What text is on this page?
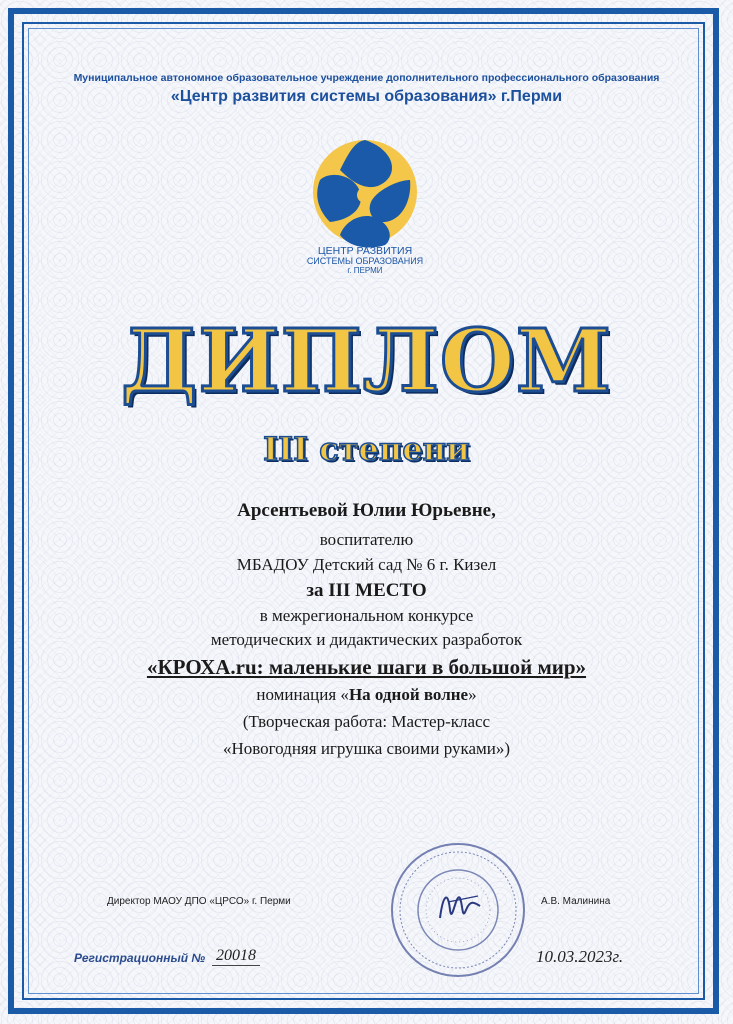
Муниципальное автономное образовательное учреждение дополнительного профессионального образования
«Центр развития системы образования» г.Перми
ЦЕНТР РАЗВИТИЯ
СИСТЕМЫ ОБРАЗОВАНИЯ
г. ПЕРМИ
ДИПЛОМ
III степени
Арсентьевой Юлии Юрьевне,
воспитателю
МБАДОУ Детский сад № 6 г. Кизел
за III МЕСТО
в межрегиональном конкурсе
методических и дидактических разработок
«КРОХА.ru: маленькие шаги в большой мир»
номинация «На одной волне»
(Творческая работа: Мастер-класс
«Новогодняя игрушка своими руками»)
Директор МАОУ ДПО «ЦРСО» г. Перми	А.В. Малинина
Регистрационный № 20018	10.03.2023г.
